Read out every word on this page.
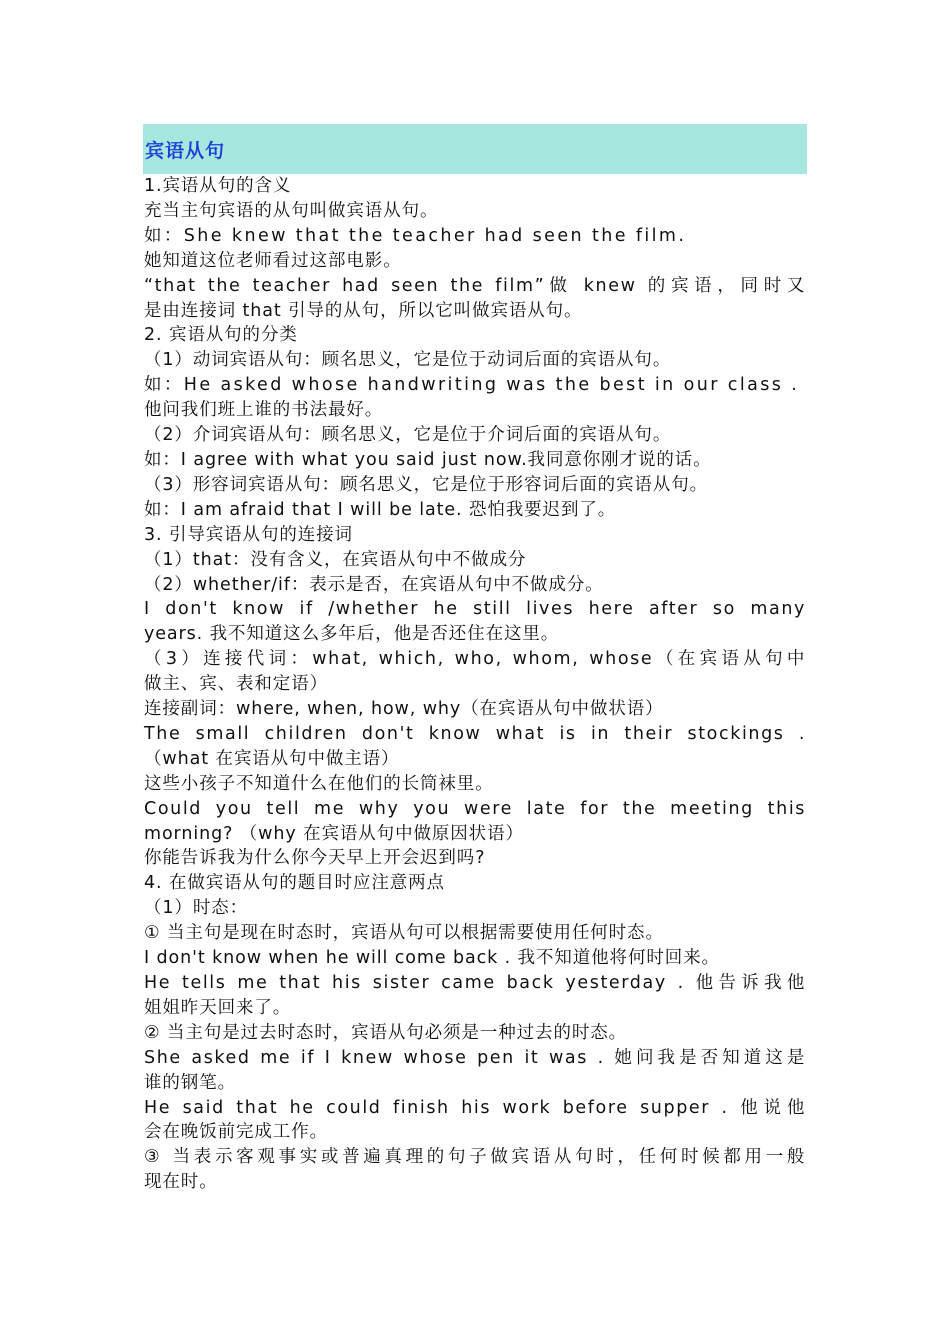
宾语从句
1.宾语从句的含义
充当主句宾语的从句叫做宾语从句。
如：She knew that the teacher had seen the film.
她知道这位老师看过这部电影。
“that the teacher had seen the film”做 knew 的宾语，同时又
是由连接词 that 引导的从句，所以它叫做宾语从句。
2. 宾语从句的分类
（1）动词宾语从句：顾名思义，它是位于动词后面的宾语从句。
如：He asked whose handwriting was the best in our class .
他问我们班上谁的书法最好。
（2）介词宾语从句：顾名思义，它是位于介词后面的宾语从句。
如：I agree with what you said just now.我同意你刚才说的话。
（3）形容词宾语从句：顾名思义，它是位于形容词后面的宾语从句。
如：I am afraid that I will be late. 恐怕我要迟到了。
3. 引导宾语从句的连接词
（1）that：没有含义，在宾语从句中不做成分
（2）whether/if：表示是否，在宾语从句中不做成分。
I don't know if /whether he still lives here after so many
years. 我不知道这么多年后，他是否还住在这里。
（3）连接代词：what, which, who, whom, whose（在宾语从句中
做主、宾、表和定语）
连接副词：where, when, how, why（在宾语从句中做状语）
The small children don't know what is in their stockings .
（what 在宾语从句中做主语）
这些小孩子不知道什么在他们的长筒袜里。
Could you tell me why you were late for the meeting this
morning? （why 在宾语从句中做原因状语）
你能告诉我为什么你今天早上开会迟到吗?
4. 在做宾语从句的题目时应注意两点
（1）时态：
① 当主句是现在时态时，宾语从句可以根据需要使用任何时态。
I don't know when he will come back . 我不知道他将何时回来。
He tells me that his sister came back yesterday . 他告诉我他
姐姐昨天回来了。
② 当主句是过去时态时，宾语从句必须是一种过去的时态。
She asked me if I knew whose pen it was . 她问我是否知道这是
谁的钢笔。
He said that he could finish his work before supper . 他说他
会在晚饭前完成工作。
③ 当表示客观事实或普遍真理的句子做宾语从句时，任何时候都用一般
现在时。
